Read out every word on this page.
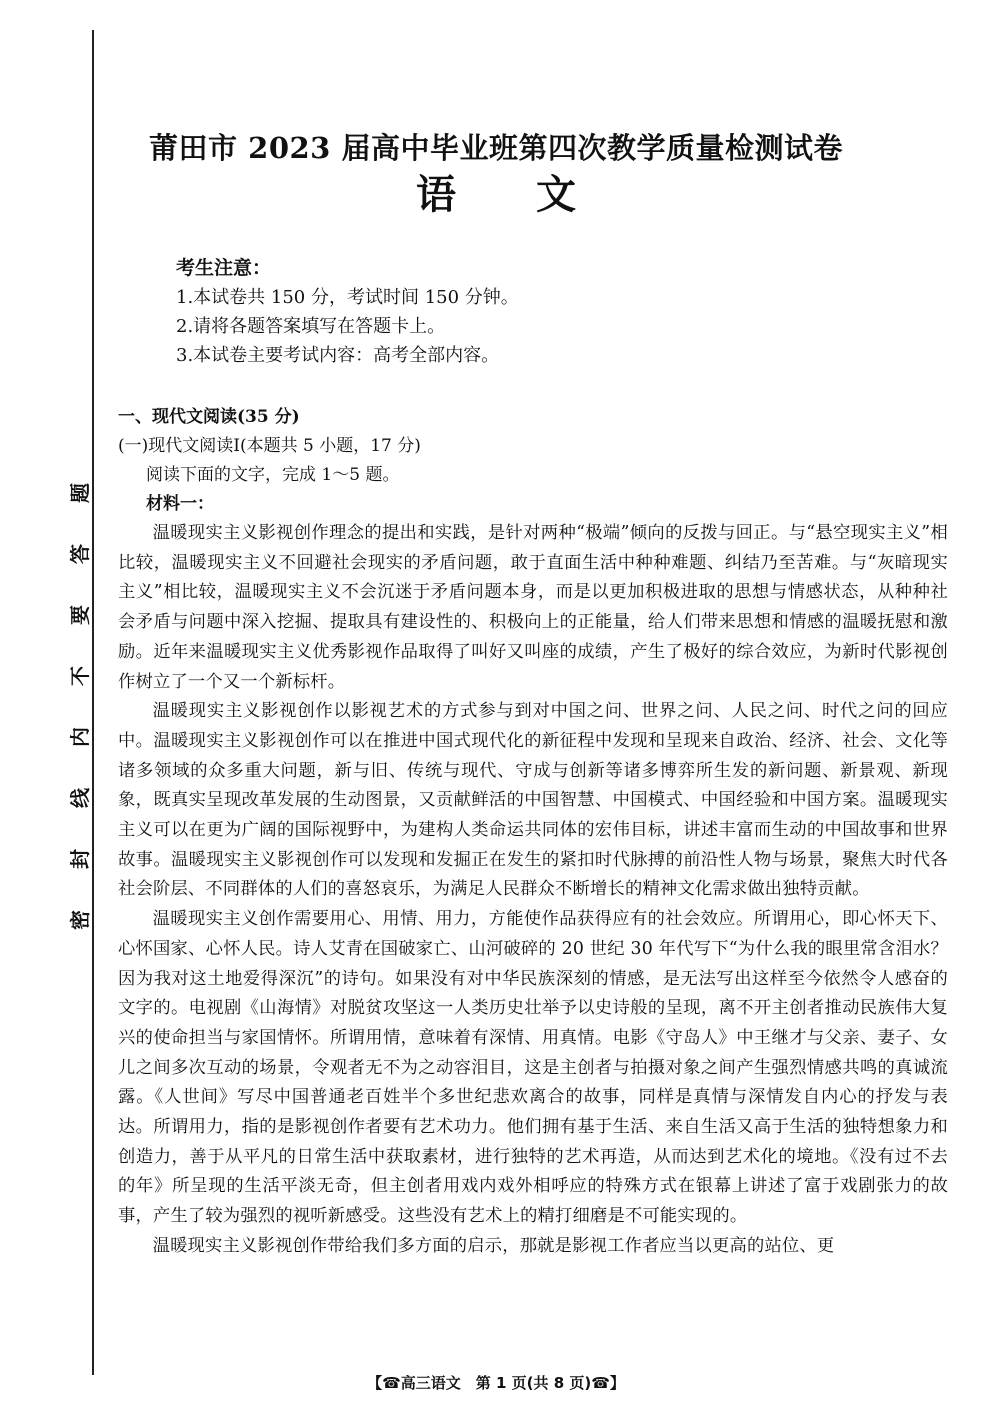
题
答
要
不
内
线
封
密
莆田市 2023 届高中毕业班第四次教学质量检测试卷
语文
考生注意：
1.本试卷共 150 分，考试时间 150 分钟。
2.请将各题答案填写在答题卡上。
3.本试卷主要考试内容：高考全部内容。
一、现代文阅读(35 分)
(一)现代文阅读Ⅰ(本题共 5 小题，17 分)
阅读下面的文字，完成 1～5 题。
材料一：

温暖现实主义影视创作理念的提出和实践，是针对两种“极端”倾向的反拨与回正。与“悬空现实主义”相比较，温暖现实主义不回避社会现实的矛盾问题，敢于直面生活中种种难题、纠结乃至苦难。与“灰暗现实主义”相比较，温暖现实主义不会沉迷于矛盾问题本身，而是以更加积极进取的思想与情感状态，从种种社会矛盾与问题中深入挖掘、提取具有建设性的、积极向上的正能量，给人们带来思想和情感的温暖抚慰和激励。近年来温暖现实主义优秀影视作品取得了叫好又叫座的成绩，产生了极好的综合效应，为新时代影视创作树立了一个又一个新标杆。

温暖现实主义影视创作以影视艺术的方式参与到对中国之问、世界之问、人民之问、时代之问的回应中。温暖现实主义影视创作可以在推进中国式现代化的新征程中发现和呈现来自政治、经济、社会、文化等诸多领域的众多重大问题，新与旧、传统与现代、守成与创新等诸多博弈所生发的新问题、新景观、新现象，既真实呈现改革发展的生动图景，又贡献鲜活的中国智慧、中国模式、中国经验和中国方案。温暖现实主义可以在更为广阔的国际视野中，为建构人类命运共同体的宏伟目标，讲述丰富而生动的中国故事和世界故事。温暖现实主义影视创作可以发现和发掘正在发生的紧扣时代脉搏的前沿性人物与场景，聚焦大时代各社会阶层、不同群体的人们的喜怒哀乐，为满足人民群众不断增长的精神文化需求做出独特贡献。

温暖现实主义创作需要用心、用情、用力，方能使作品获得应有的社会效应。所谓用心，即心怀天下、心怀国家、心怀人民。诗人艾青在国破家亡、山河破碎的 20 世纪 30 年代写下“为什么我的眼里常含泪水？因为我对这土地爱得深沉”的诗句。如果没有对中华民族深刻的情感，是无法写出这样至今依然令人感奋的文字的。电视剧《山海情》对脱贫攻坚这一人类历史壮举予以史诗般的呈现，离不开主创者推动民族伟大复兴的使命担当与家国情怀。所谓用情，意味着有深情、用真情。电影《守岛人》中王继才与父亲、妻子、女儿之间多次互动的场景，令观者无不为之动容泪目，这是主创者与拍摄对象之间产生强烈情感共鸣的真诚流露。《人世间》写尽中国普通老百姓半个多世纪悲欢离合的故事，同样是真情与深情发自内心的抒发与表达。所谓用力，指的是影视创作者要有艺术功力。他们拥有基于生活、来自生活又高于生活的独特想象力和创造力，善于从平凡的日常生活中获取素材，进行独特的艺术再造，从而达到艺术化的境地。《没有过不去的年》所呈现的生活平淡无奇，但主创者用戏内戏外相呼应的特殊方式在银幕上讲述了富于戏剧张力的故事，产生了较为强烈的视听新感受。这些没有艺术上的精打细磨是不可能实现的。

温暖现实主义影视创作带给我们多方面的启示，那就是影视工作者应当以更高的站位、更

【☎高三语文　第 1 页(共 8 页)☎】
